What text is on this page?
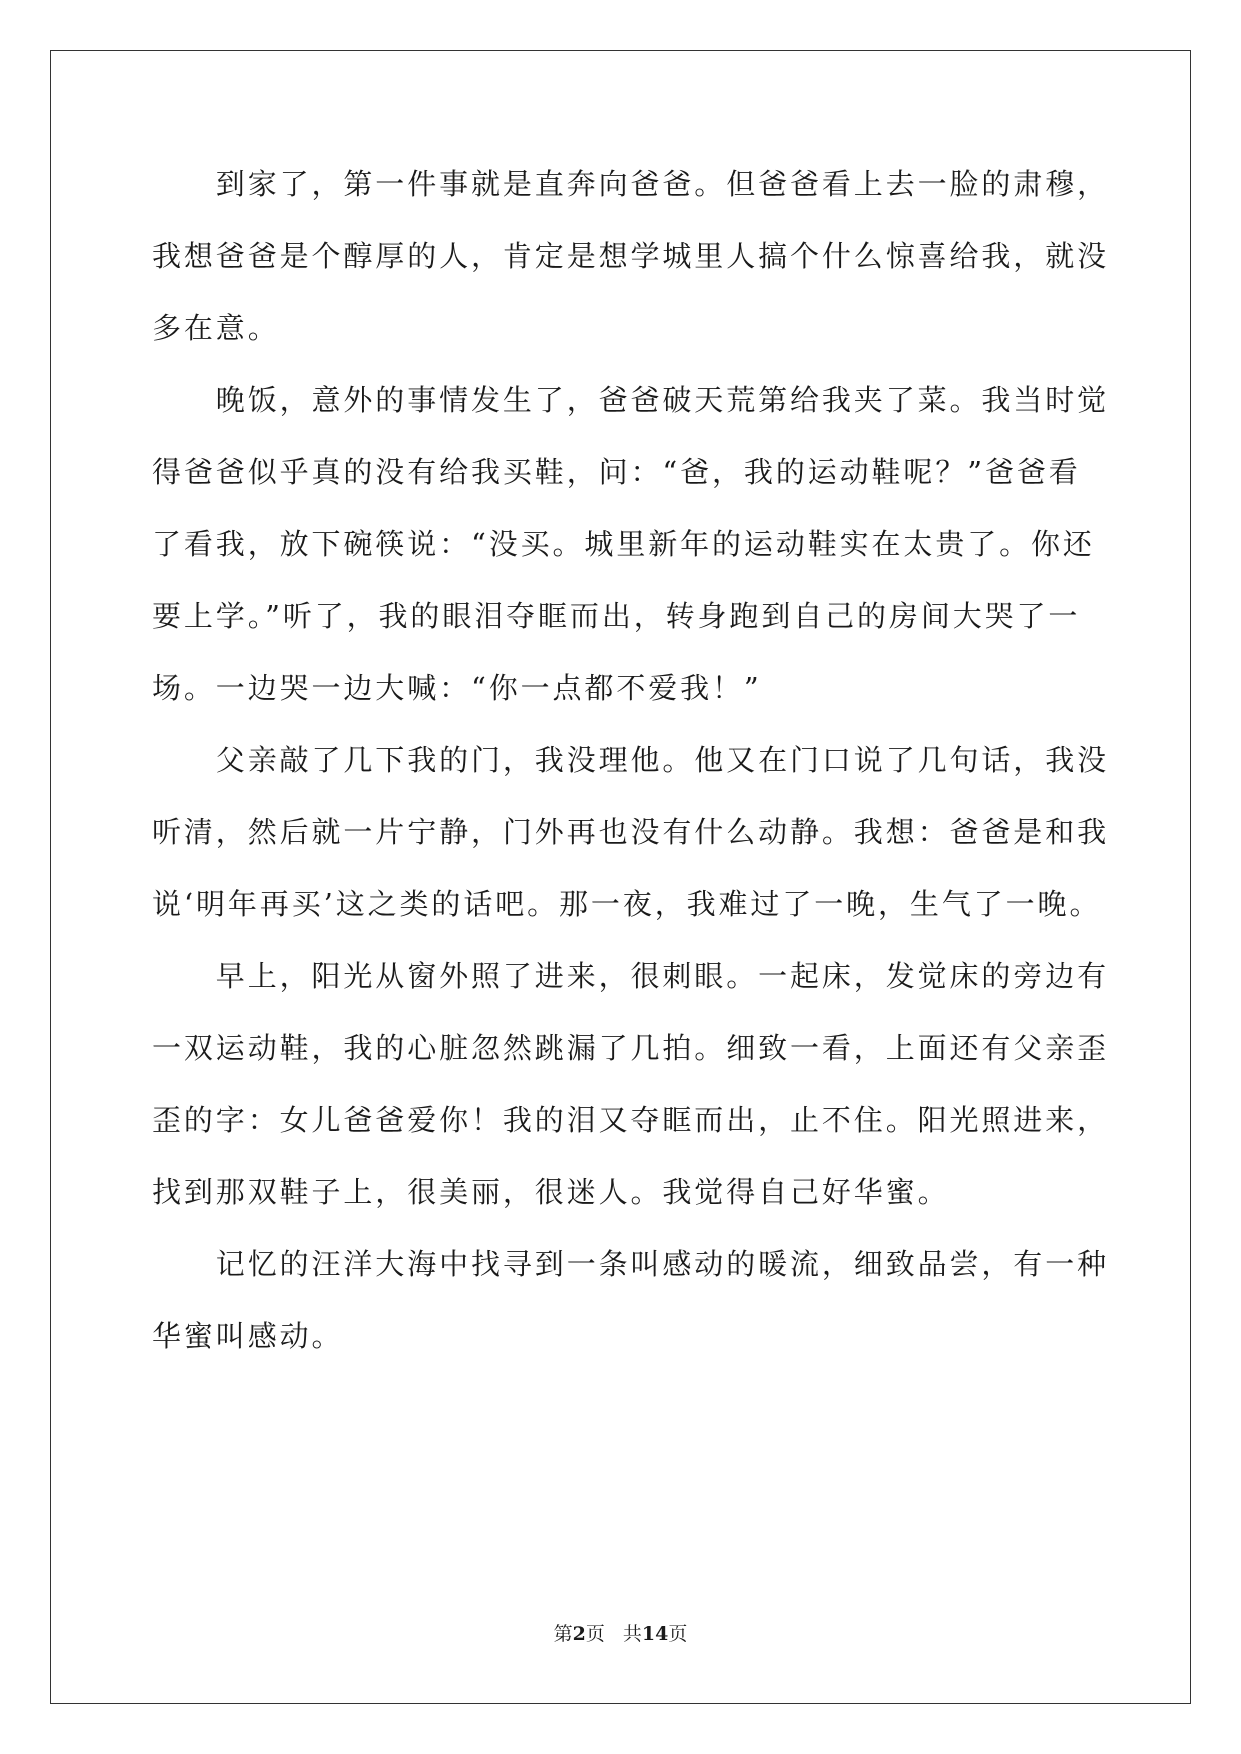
　　到家了，第一件事就是直奔向爸爸。但爸爸看上去一脸的肃穆，
我想爸爸是个醇厚的人，肯定是想学城里人搞个什么惊喜给我，就没
多在意。
　　晚饭，意外的事情发生了，爸爸破天荒第给我夹了菜。我当时觉
得爸爸似乎真的没有给我买鞋，问：“爸，我的运动鞋呢？”爸爸看
了看我，放下碗筷说：“没买。城里新年的运动鞋实在太贵了。你还
要上学。”听了，我的眼泪夺眶而出，转身跑到自己的房间大哭了一
场。一边哭一边大喊：“你一点都不爱我！”
　　父亲敲了几下我的门，我没理他。他又在门口说了几句话，我没
听清，然后就一片宁静，门外再也没有什么动静。我想：爸爸是和我
说‘明年再买’这之类的话吧。那一夜，我难过了一晚，生气了一晚。
　　早上，阳光从窗外照了进来，很刺眼。一起床，发觉床的旁边有
一双运动鞋，我的心脏忽然跳漏了几拍。细致一看，上面还有父亲歪
歪的字：女儿爸爸爱你！我的泪又夺眶而出，止不住。阳光照进来，
找到那双鞋子上，很美丽，很迷人。我觉得自己好华蜜。
　　记忆的汪洋大海中找寻到一条叫感动的暖流，细致品尝，有一种
华蜜叫感动。
第2页 共14页
